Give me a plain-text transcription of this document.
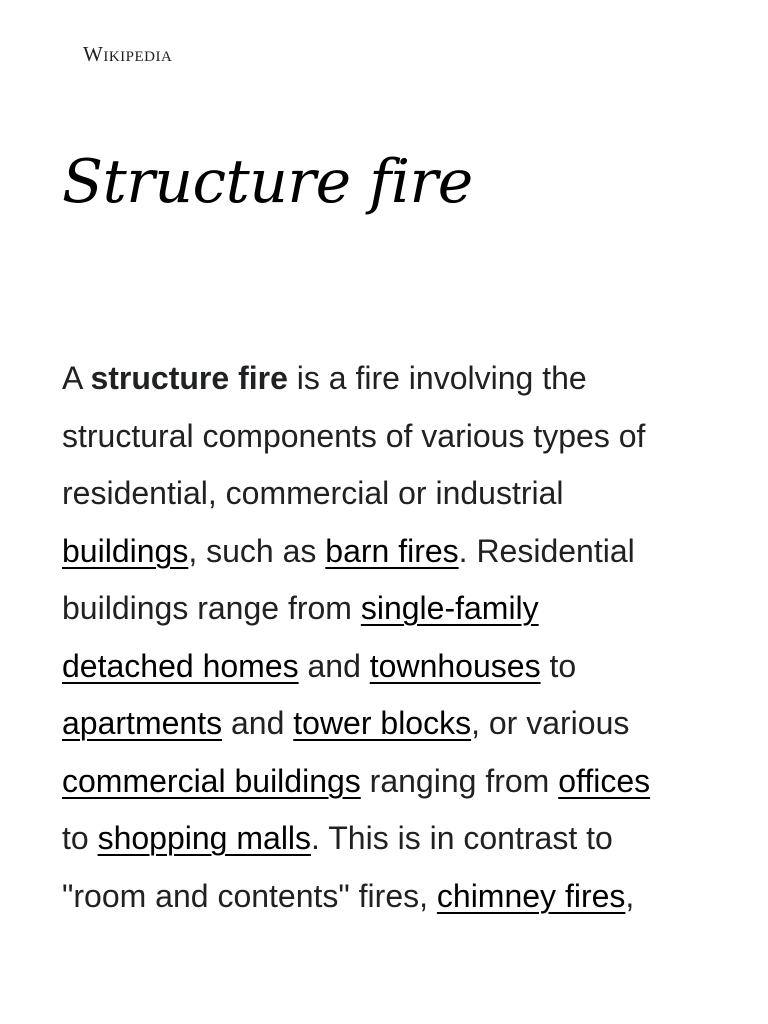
Wikipedia
Structure fire
A structure fire is a fire involving the
structural components of various types of
residential, commercial or industrial
buildings, such as barn fires. Residential
buildings range from single-family
detached homes and townhouses to
apartments and tower blocks, or various
commercial buildings ranging from offices
to shopping malls. This is in contrast to
"room and contents" fires, chimney fires,
